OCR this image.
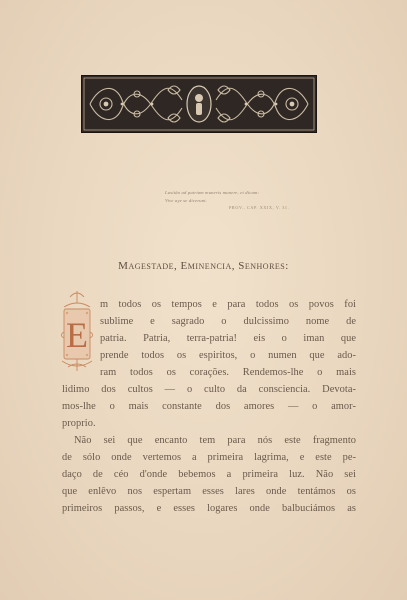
Lusitâo ad patriam muneris munere, et dicam:
Vive aye se dicerunt.
PROV., CAP. XXIX, V. 31.
Magestade, Eminencia, Senhores:
E
m todos os tempos e para todos os povos foi
sublime e sagrado o dulcissimo nome de
patria. Patria, terra-patria! eis o iman que
prende todos os espiritos, o numen que ado-
ram todos os corações. Rendemos-lhe o mais
lidimo dos cultos — o culto da consciencia. Devota-
mos-lhe o mais constante dos amores — o amor-
proprio.
Não sei que encanto tem para nós este fragmento
de sólo onde vertemos a primeira lagrima, e este pe-
daço de céo d'onde bebemos a primeira luz. Não sei
que enlêvo nos espertam esses lares onde tentámos os
primeiros passos, e esses logares onde balbuciámos as
